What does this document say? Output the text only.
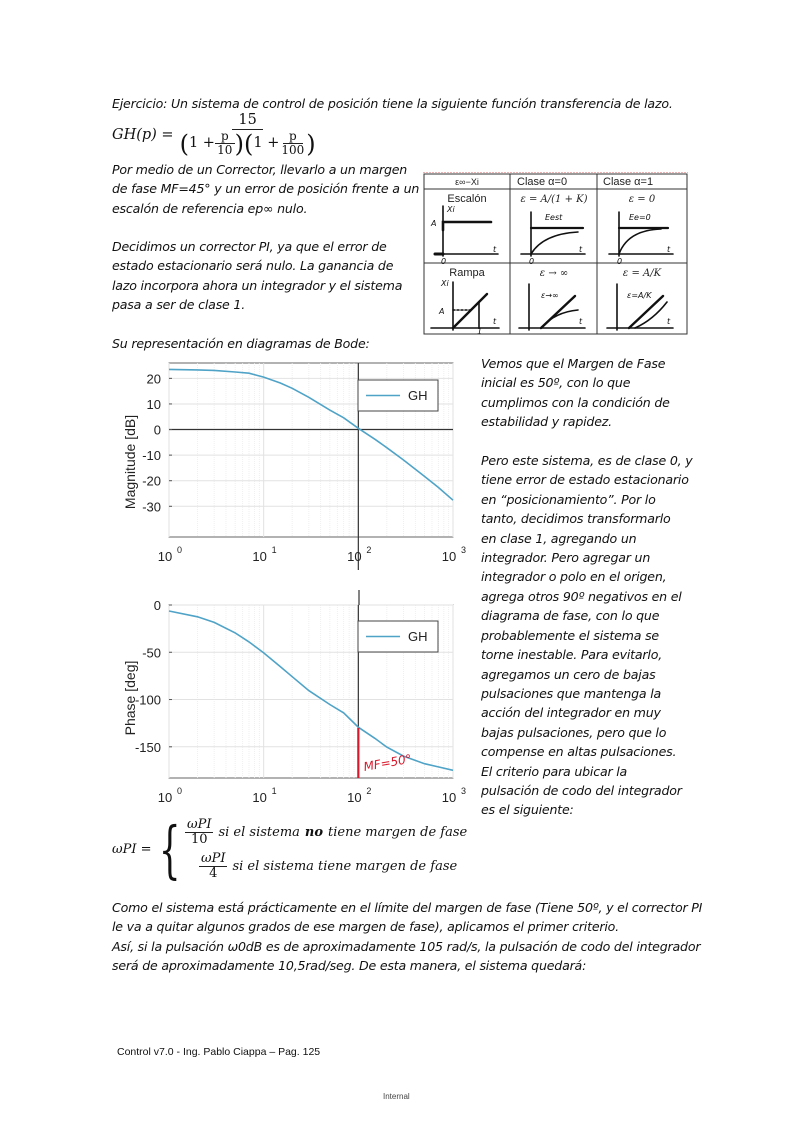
Ejercicio: Un sistema de control de posición tiene la siguiente función transferencia de lazo.
GH(p) =
15
( $1 + \frac{p}{10}$ ) ( $1 + \frac{p}{100}$ )
Por medio de un Corrector, llevarlo a un margen
de fase MF=45° y un error de posición frente a un
escalón de referencia ep∞ nulo.
Decidimos un corrector PI, ya que el error de
estado estacionario será nulo. La ganancia de
lazo incorpora ahora un integrador y el sistema
pasa a ser de clase 1.
Su representación en diagramas de Bode:
ε∞−Xi	Clase α=0	Clase α=1
Escalón	ε = A/(1 + K)	ε = 0
Rampa	ε → ∞	ε = A/K
Xi
A
t
0
Eest
t
0
Ee=0
t
0
Xi
A
t
1
ε→∞
t
ε=A/K
t
GH
20
10
0
-10
-20
-30
10 0	10 1	10 2	10 3
Magnitude [dB]
MF=50°
GH
0
-50
-100
-150
10 0	10 1	10 2	10 3
Phase [deg]
Vemos que el Margen de Fase
inicial es 50º, con lo que
cumplimos con la condición de
estabilidad y rapidez.

Pero este sistema, es de clase 0, y
tiene error de estado estacionario
en “posicionamiento”. Por lo
tanto, decidimos transformarlo
en clase 1, agregando un
integrador. Pero agregar un
integrador o polo en el origen,
agrega otros 90º negativos en el
diagrama de fase, con lo que
probablemente el sistema se
torne inestable. Para evitarlo,
agregamos un cero de bajas
pulsaciones que mantenga la
acción del integrador en muy
bajas pulsaciones, pero que lo
compense en altas pulsaciones.
El criterio para ubicar la
pulsación de codo del integrador
es el siguiente:
ωPI = { $\frac{\text{ωPI}}{10}$ si el sistema no tiene margen de fase
$\frac{\text{ωPI}}{4}$ si el sistema tiene margen de fase
Como el sistema está prácticamente en el límite del margen de fase (Tiene 50º, y el corrector PI
le va a quitar algunos grados de ese margen de fase), aplicamos el primer criterio.
Así, si la pulsación ω0dB es de aproximadamente 105 rad/s, la pulsación de codo del integrador
será de aproximadamente 10,5rad/seg. De esta manera, el sistema quedará:
Control v7.0 - Ing. Pablo Ciappa – Pag. 125
Internal
